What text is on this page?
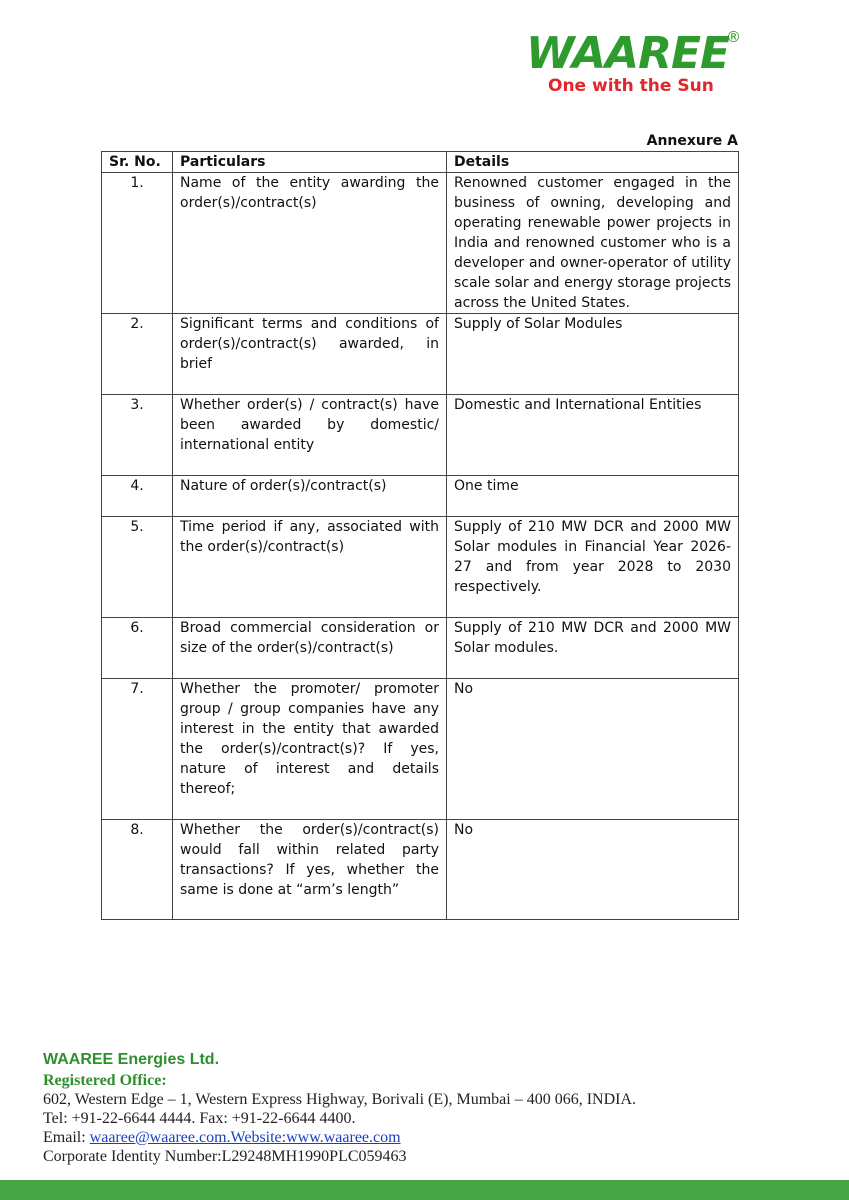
WAAREE
®
One with the Sun
Annexure A
Sr. No.	Particulars	Details
1.	Name of the entity awarding the order(s)/contract(s)	Renowned customer engaged in the business of owning, developing and operating renewable power projects in India and renowned customer who is a developer and owner-operator of utility scale solar and energy storage projects across the United States.
2.	Significant terms and conditions of order(s)/contract(s) awarded, in brief	Supply of Solar Modules
3.	Whether order(s) / contract(s) have been awarded by domestic/ international entity	Domestic and International Entities
4.	Nature of order(s)/contract(s)	One time
5.	Time period if any, associated with the order(s)/contract(s)	Supply of 210 MW DCR and 2000 MW Solar modules in Financial Year 2026-27 and from year 2028 to 2030 respectively.
6.	Broad commercial consideration or size of the order(s)/contract(s)	Supply of 210 MW DCR and 2000 MW Solar modules.
7.	Whether the promoter/ promoter group / group companies have any interest in the entity that awarded the order(s)/contract(s)? If yes, nature of interest and details thereof;	No
8.	Whether the order(s)/contract(s) would fall within related party transactions? If yes, whether the same is done at “arm’s length”	No
WAAREE Energies Ltd.
Registered Office:
602, Western Edge – 1, Western Express Highway, Borivali (E), Mumbai – 400 066, INDIA.
Tel: +91-22-6644 4444. Fax: +91-22-6644 4400.
Email: waaree@waaree.com.Website:www.waaree.com
Corporate Identity Number:L29248MH1990PLC059463
